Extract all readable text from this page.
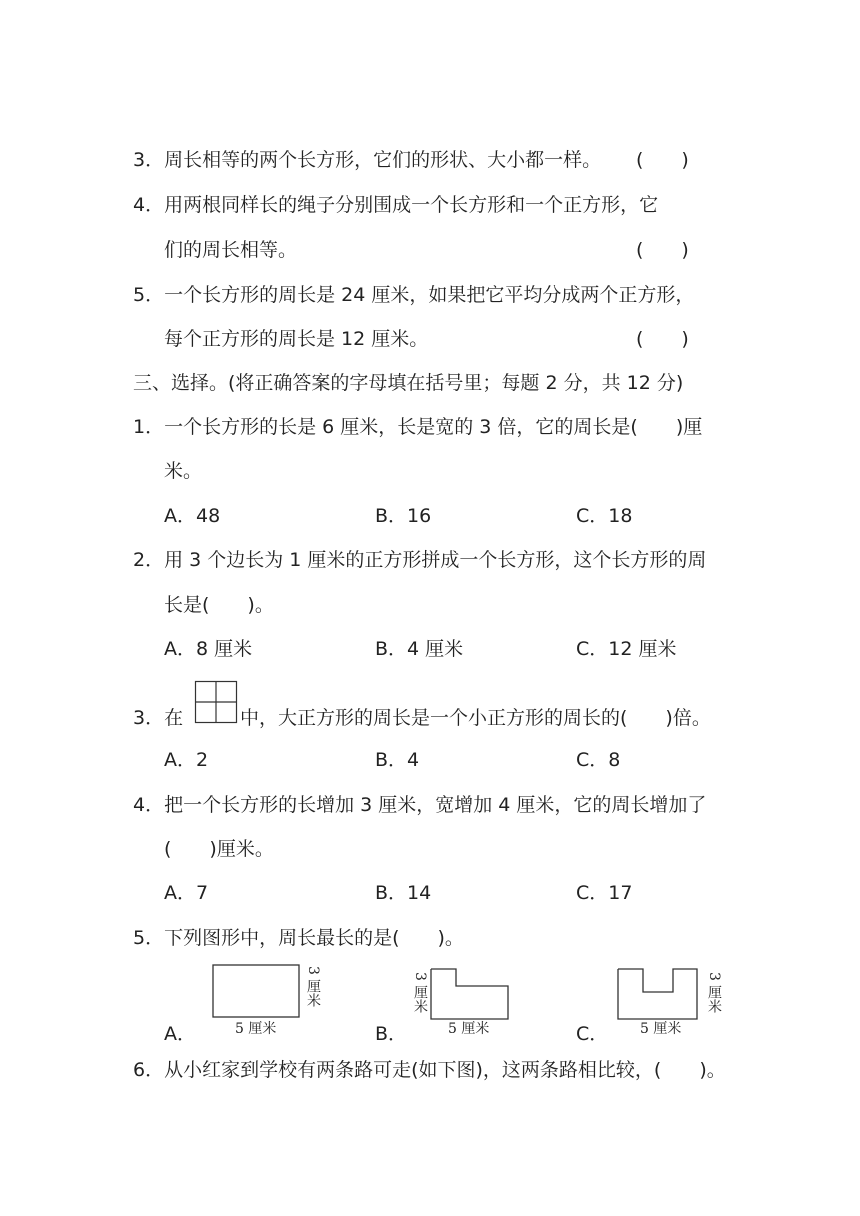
3．周长相等的两个长方形，它们的形状、大小都一样。 (　　)
4．用两根同样长的绳子分别围成一个长方形和一个正方形，它
们的周长相等。	(　　)
5．一个长方形的周长是 24 厘米，如果把它平均分成两个正方形，
每个正方形的周长是 12 厘米。	(　　)
三、选择。(将正确答案的字母填在括号里；每题 2 分，共 12 分)
1．一个长方形的长是 6 厘米，长是宽的 3 倍，它的周长是(　　)厘
米。
A．48	B．16	C．18
2．用 3 个边长为 1 厘米的正方形拼成一个长方形，这个长方形的周
长是(　　)。
A．8 厘米	B．4 厘米	C．12 厘米
3．在	中，大正方形的周长是一个小正方形的周长的(　　)倍。
A．2	B．4	C．8
4．把一个长方形的长增加 3 厘米，宽增加 4 厘米，它的周长增加了
(　　)厘米。
A．7	B．14	C．17
5．下列图形中，周长最长的是(　　)。
A．	5 厘米
3 厘米
B．
3 厘米
5 厘米	C． 5 厘米
3 厘米
6．从小红家到学校有两条路可走(如下图)，这两条路相比较，(　　)。
